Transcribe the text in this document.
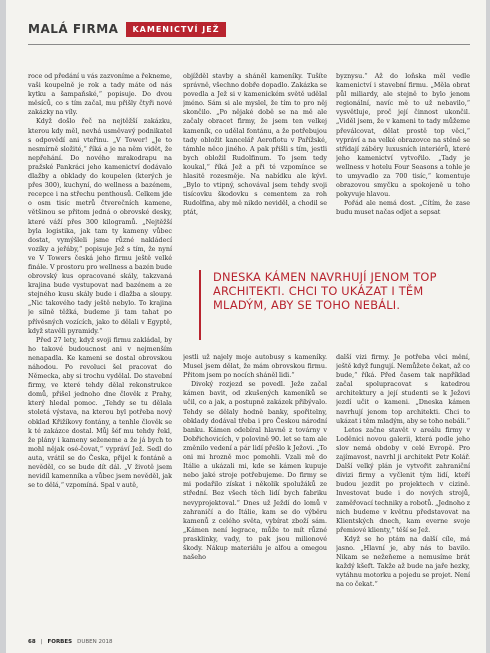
MALÁ FIRMA	KAMENICTVÍ JEŽ

roce od předání u vás zazvoníme a řekneme, vaši koupelně je rok a tady máte od nás kytku a šampaňské,“ popisuje. Do dvou měsíců, co s tím začal, mu přišly čtyři nové zakázky na víly.

Když došlo řeč na nejtěžší zakázku, kterou kdy měl, nevhá usměvavý podnikatel s odpovědí ani vteřinu. „V Tower! „Je to nesmírně složité,“ říká a je na něm vidět, že nepřehání. Do nového mrakodrapu na pražské Pankráci jeho kamenictví dodávalo dlažby a obklady do koupelen (kterých je přes 300), kuchyní, do wellness a bazénem, recepce i na střechu penthousů. Celkem jde o osm tisíc metrů čtverečních kamene, většinou se přitom jedná o obrovské desky, které váží přes 300 kilogramů. „Nejtěžší byla logistika, jak tam ty kameny vůbec dostat, vymýšleli jsme různé nakládecí vozíky a jeřáby,“ popisuje Jež s tím, že nyní ve V Towers česká jeho firmu ještě velké finále. V prostoru pro wellness a bazén bude obrovský kus opracované skály, takzvaná krajina bude vystupovat nad bazénem a ze stejného kusu skály bude i dlažba a sloupy. „Nic takového tady ještě nebylo. To krajina je silně těžká, budeme ji tam tahat po přívěsných vozících, jako to dělali v Egyptě, když stavěli pyramidy.“

Před 27 lety, když svoji firmu zakládal, by ho takové budoucnost ani v nejmenším nenapadla. Ke kameni se dostal obrovskou náhodou. Po revoluci šel pracovat do Německa, aby si trochu vydělal. Do stavební firmy, ve které tehdy dělal rekonstrukce domů, přišel jednoho dne člověk z Prahy, který hledal pomoc. „Tehdy se tu dělala stoletá výstava, na kterou byl potřeba nový obklad Křižíkovy fontány, a tenhle člověk se k té zakázce dostal. Můj šéf mu tehdy řekl, že plány i kameny seženeme a že já bych to mohl nějak osé-čovat,“ vypráví Jež. Sedl do auta, vrátil se do Česka, přijel k fontáně a nevěděl, co se bude dít dál. „V životě jsem nevidíl kamenníka a vůbec jsem nevěděl, jak se to dělá,“ vzpomíná. Spal v autě,

objížděl stavby a sháněl kameníky. Tušíte správně, všechno dobře dopadlo. Zakázka se povedla a Jež si v kamenickém světě udělal jméno. Sám si ale myslel, že tím to pro něj skončilo. „Po nějaké době se na mě ale začaly obracet firmy, že jsem ten velkej kameník, co udělal fontánu, a že potřebujou tady obložit kancelář Aeroflotu v Pařížské, támhle něco jiného. A pak přišli s tím, jestli bych obložil Rudolfinum. To jsem tedy koukal,“ říká Jež a při té vzpomínce se hlasitě rozesměje. Na nabídku ale kývl. „Bylo to vtipný, schovával jsem tehdy svoji tisícovku škodovku s cementem za roh Rudolfina, aby mě nikdo neviděl, a chodil se ptát,

byznysu.“ Až do loňska měl vedle kamenictví i stavební firmu. „Měla obrat půl miliardy, ale stejně to bylo jenom regionální, navíc mě to už nebavilo,“ vysvětluje, proč její činnost ukončil. „Viděl jsem, že v kameni to tady můžeme převálcovat, dělat prostě top věci,“ vypráví a na velké obrazovce na stěně se střídají záběry luxusních interiérů, které jeho kamenictví vytvořilo. „Tady je wellness v hotelu Four Seasons a tohle je to umyvadlo za 700 tisíc,“ komentuje obrazovou smyčku a spokojeně u toho pokyvuje hlavou.

Pořád ale nemá dost. „Cítím, že zase budu muset načas odjet a sepsat

DNESKA KÁMEN NAVRHUJÍ JENOM TOP ARCHITEKTI. CHCI TO UKÁZAT I TĚM MLADÝM, ABY SE TOHO NEBÁLI.

jestli už najely moje autobusy s kameníky. Musel jsem dělat, že mám obrovskou firmu. Přitom jsem po nocích sháněl lidi.“

Divoký rozjezd se povedl. Ježe začal kámen bavit, od zkušených kameníků se učil, co a jak, a postupně zakázek přibývalo. Tehdy se dělaly hodně banky, spořitelny, obklady dodával třeba i pro Českou národní banku. Kámen odebíral hlavně z továrny v Dobřichovicích, v polovině 90. let se tam ale změnilo vedení a pár lidí přešlo k Ježovi. „To oni mi hrozně moc pomohli. Vzali mě do Itálie a ukázali mi, kde se kámen kupuje nebo jaké stroje potřebujeme. Do firmy se mi podařilo získat i několik spolužáků ze střední. Bez všech těch lidí bych fabriku nevyprojektoval.“ Dnes už Ježdí do lomů v zahraničí a do Itálie, kam se do výběru kamenů z celého světa, vybírat zboží sám. „Kámen není legrace, může to mít různé prasklinky, vady, to pak jsou milionové škody. Nákup materiálu je alfou a omegou našeho

další vizi firmy. Je potřeba věci mění, ještě když fungují. Nemůžete čekat, až co bude,“ říká. Před časem tak například začal spolupracovat s katedrou architektury a její studenti se k Ježovi jezdí učit o kameni. „Dneska kámen navrhují jenom top architekti. Chci to ukázat i těm mladým, aby se toho nebáli.“

Letos začne stavět v areálu firmy v Loděnici novou galerii, která podle jeho slov nemá obdoby v celé Evropě. Pro zajímavost, navrhl ji architekt Petr Kolář. Další velký plán je vytvořit zahraniční divizi firmy a vyčlenit tým lidí, kteří budou jezdit po projektech v cizině. Investovat bude i do nových strojů, zaměřovací techniky a robotů. „Jednoho z nich budeme v květnu představovat na Klientských dnech, kam everne svoje přemiové klienty,“ těší se Jež.

Když se ho ptám na další cíle, má jasno. „Hlavní je, aby nás to bavilo. Nikam se nežeňeme a nemusíme brát každý kšeft. Takže až bude na jaře hezky, vytáhnu motorku a pojedu se projet. Není na co čekat.“

68 | FORBES DUBEN 2018
